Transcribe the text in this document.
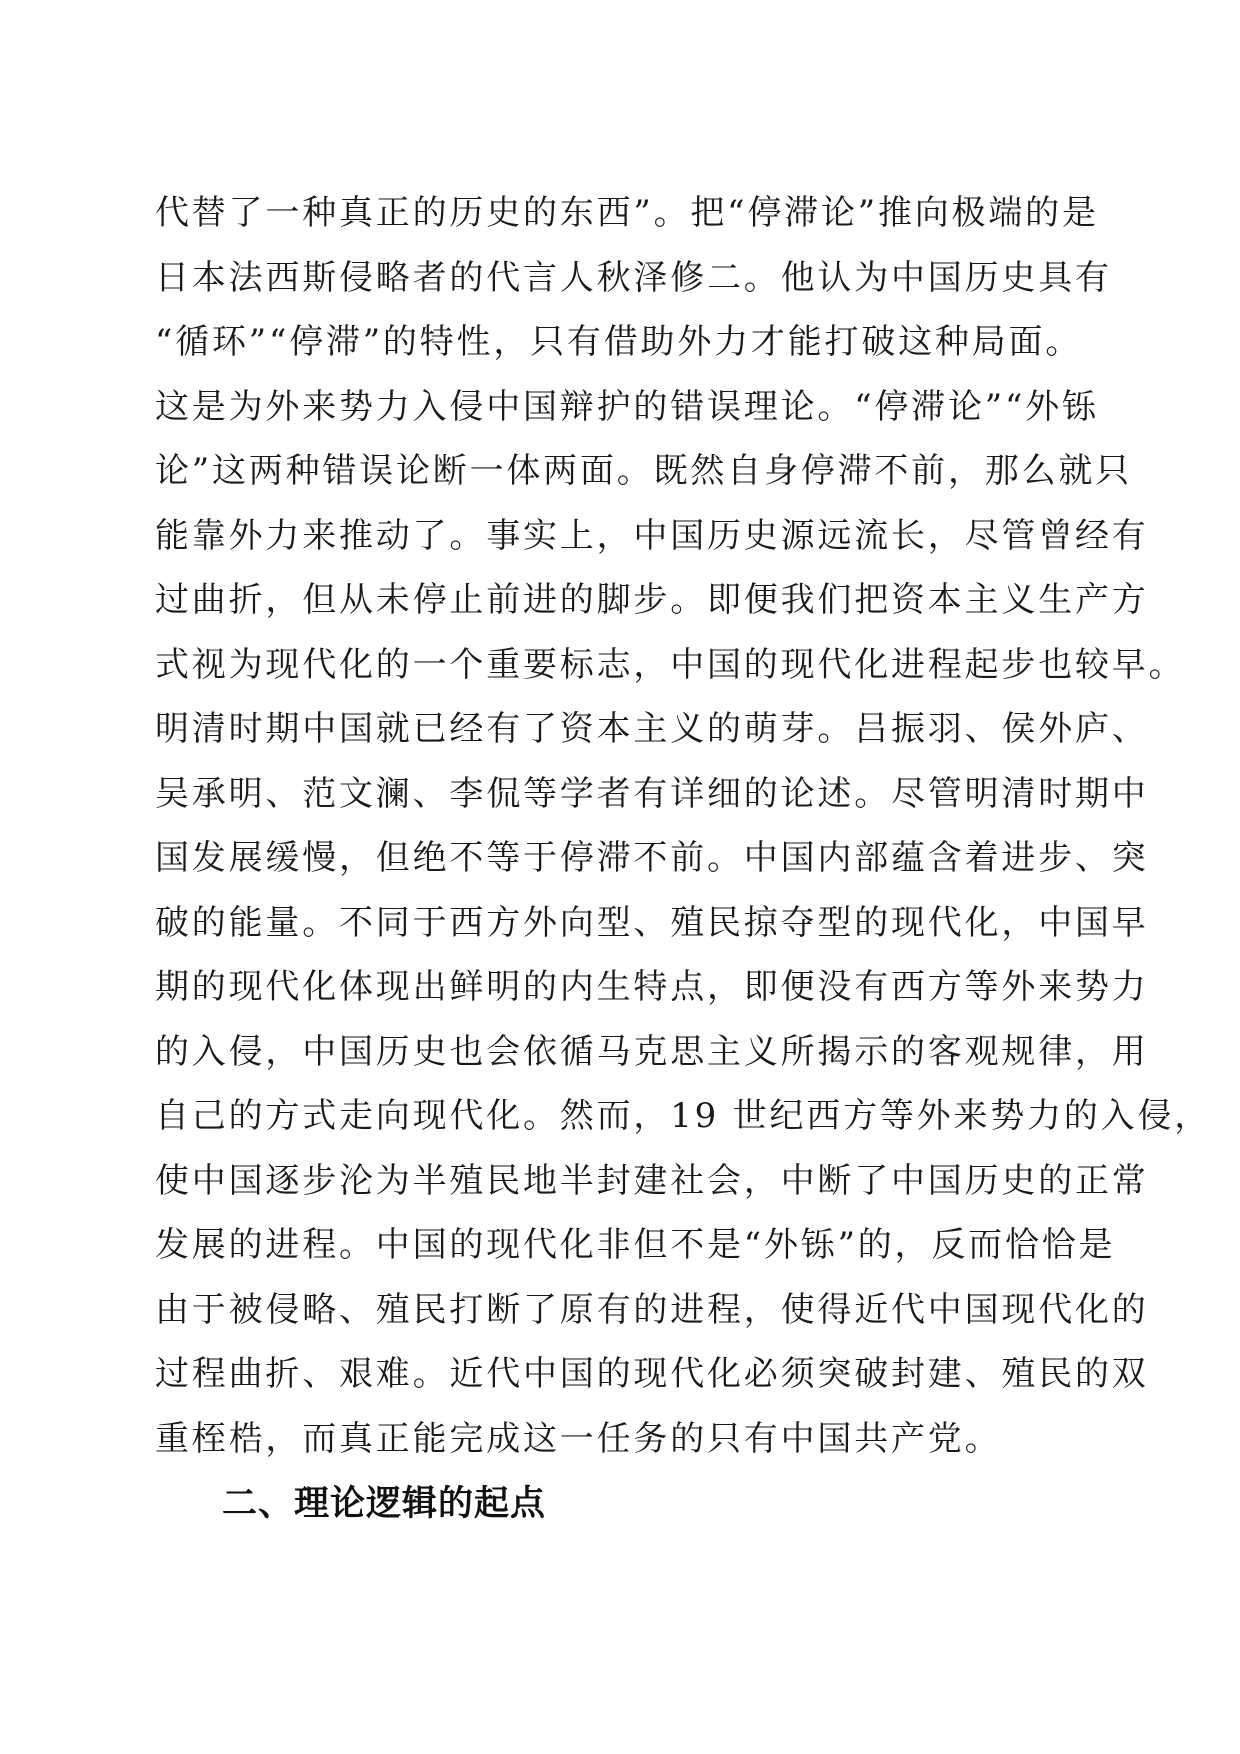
代替了一种真正的历史的东西”。把“停滞论”推向极端的是
日本法西斯侵略者的代言人秋泽修二。他认为中国历史具有
“循环”“停滞”的特性，只有借助外力才能打破这种局面。
这是为外来势力入侵中国辩护的错误理论。“停滞论”“外铄
论”这两种错误论断一体两面。既然自身停滞不前，那么就只
能靠外力来推动了。事实上，中国历史源远流长，尽管曾经有
过曲折，但从未停止前进的脚步。即便我们把资本主义生产方
式视为现代化的一个重要标志，中国的现代化进程起步也较早。
明清时期中国就已经有了资本主义的萌芽。吕振羽、侯外庐、
吴承明、范文澜、李侃等学者有详细的论述。尽管明清时期中
国发展缓慢，但绝不等于停滞不前。中国内部蕴含着进步、突
破的能量。不同于西方外向型、殖民掠夺型的现代化，中国早
期的现代化体现出鲜明的内生特点，即便没有西方等外来势力
的入侵，中国历史也会依循马克思主义所揭示的客观规律，用
自己的方式走向现代化。然而，19 世纪西方等外来势力的入侵，
使中国逐步沦为半殖民地半封建社会，中断了中国历史的正常
发展的进程。中国的现代化非但不是“外铄”的，反而恰恰是
由于被侵略、殖民打断了原有的进程，使得近代中国现代化的
过程曲折、艰难。近代中国的现代化必须突破封建、殖民的双
重桎梏，而真正能完成这一任务的只有中国共产党。
二、理论逻辑的起点
